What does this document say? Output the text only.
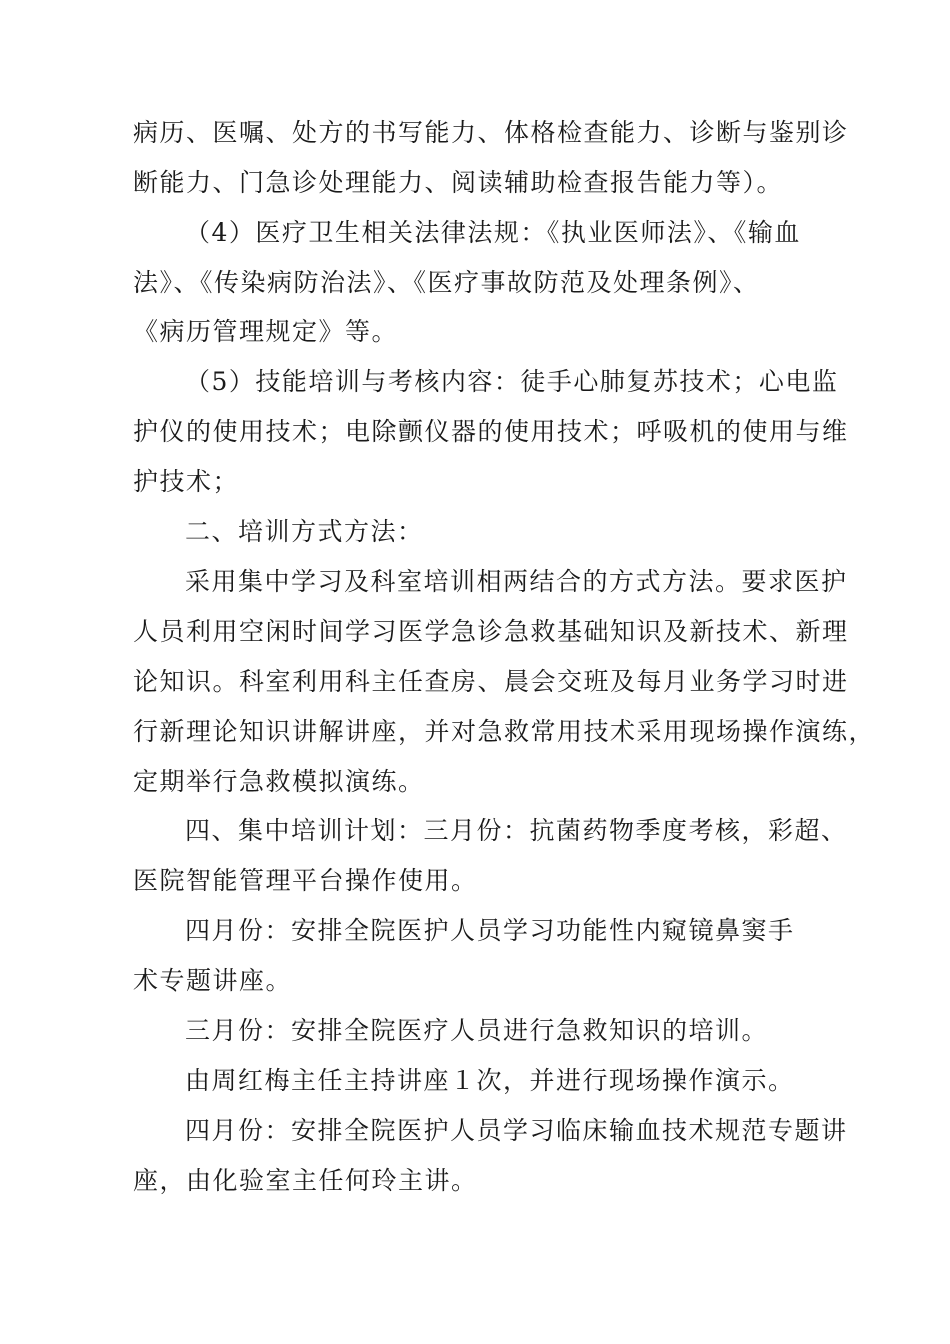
病历、医嘱、处方的书写能力、体格检查能力、诊断与鉴别诊

断能力、门急诊处理能力、阅读辅助检查报告能力等）。

（4）医疗卫生相关法律法规：《执业医师法》、《输血

法》、《传染病防治法》、《医疗事故防范及处理条例》、

《病历管理规定》等。

（5）技能培训与考核内容：徒手心肺复苏技术；心电监

护仪的使用技术；电除颤仪器的使用技术；呼吸机的使用与维

护技术；

二、培训方式方法：

采用集中学习及科室培训相两结合的方式方法。要求医护

人员利用空闲时间学习医学急诊急救基础知识及新技术、新理

论知识。科室利用科主任查房、晨会交班及每月业务学习时进

行新理论知识讲解讲座，并对急救常用技术采用现场操作演练，

定期举行急救模拟演练。

四、集中培训计划：三月份：抗菌药物季度考核，彩超、

医院智能管理平台操作使用。

四月份：安排全院医护人员学习功能性内窥镜鼻窦手

术专题讲座。

三月份：安排全院医疗人员进行急救知识的培训。

由周红梅主任主持讲座１次，并进行现场操作演示。

四月份：安排全院医护人员学习临床输血技术规范专题讲

座，由化验室主任何玲主讲。
